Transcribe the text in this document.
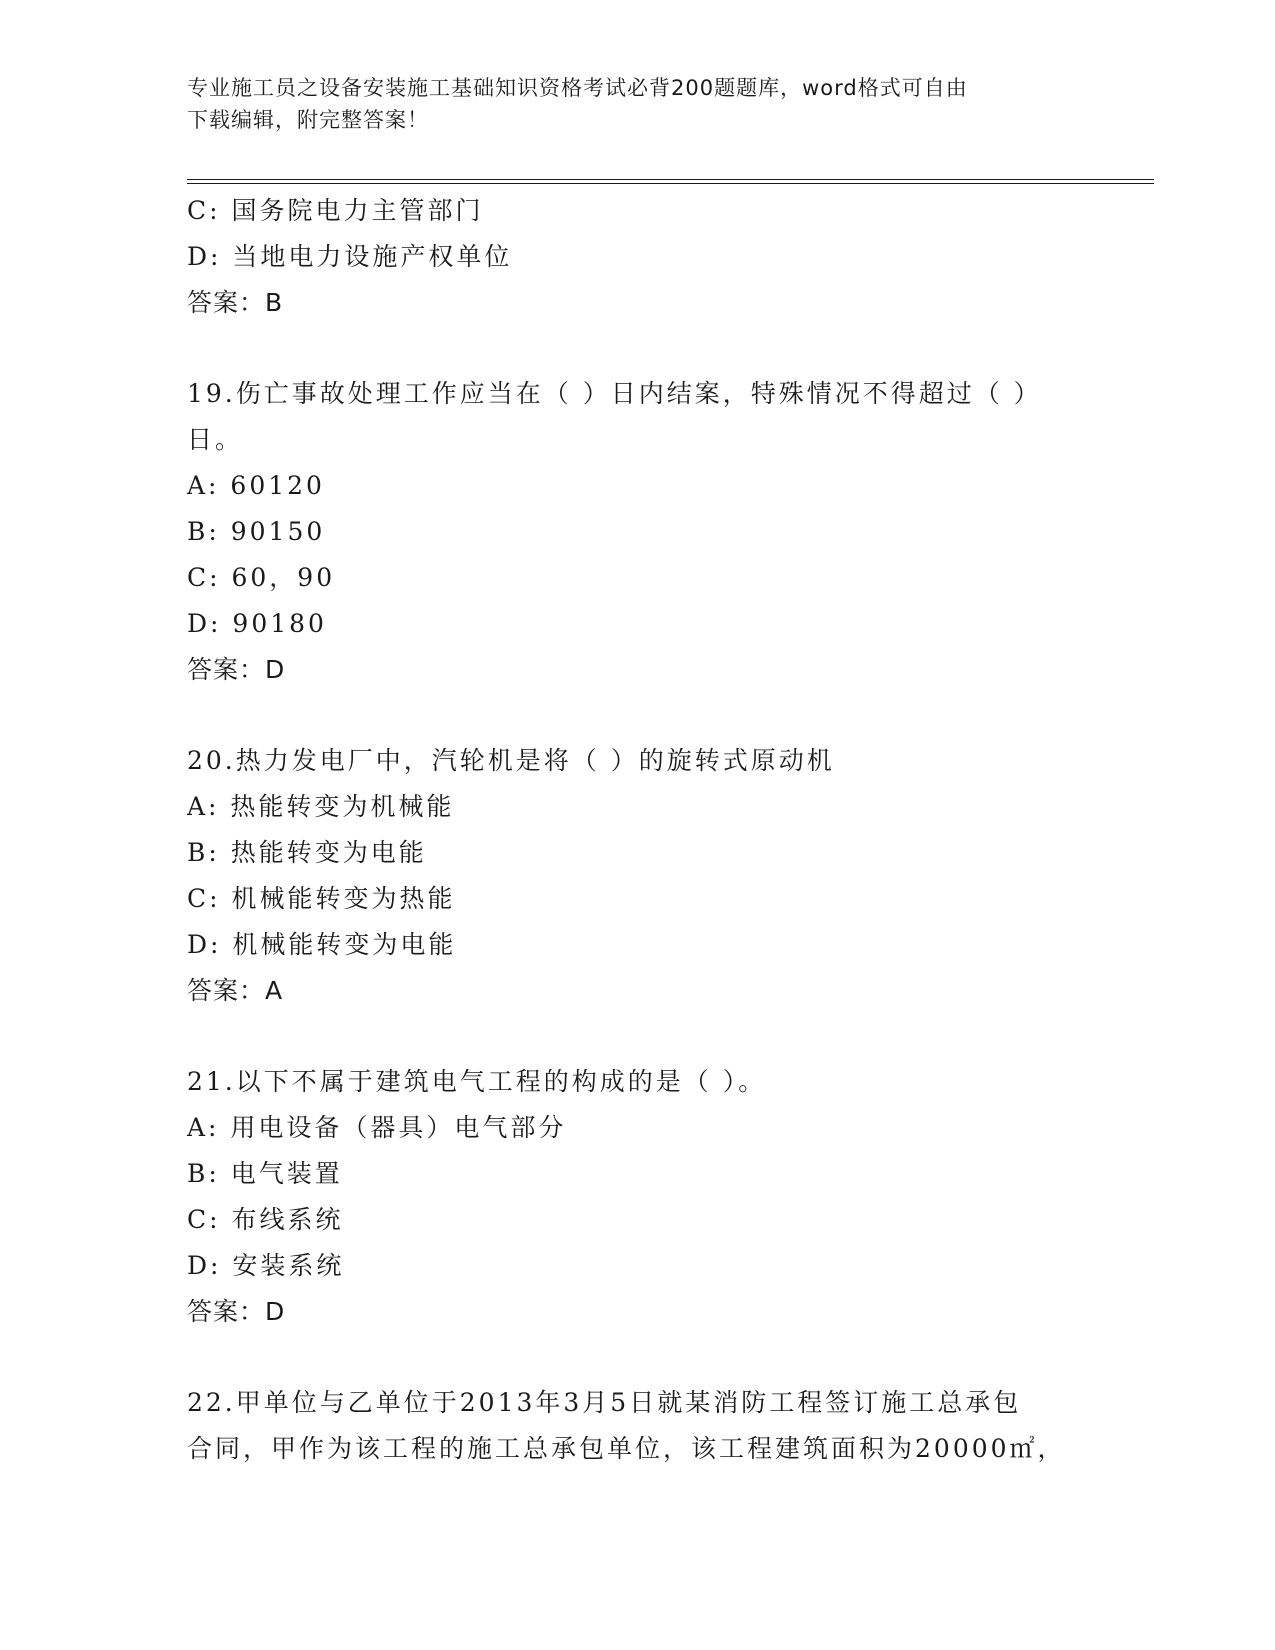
专业施工员之设备安装施工基础知识资格考试必背200题题库，word格式可自由
下载编辑，附完整答案！
C: 国务院电力主管部门
D: 当地电力设施产权单位
答案：B
19.伤亡事故处理工作应当在（ ）日内结案，特殊情况不得超过（ ）
日。
A: 60120
B: 90150
C: 60，90
D: 90180
答案：D
20.热力发电厂中，汽轮机是将（ ）的旋转式原动机
A: 热能转变为机械能
B: 热能转变为电能
C: 机械能转变为热能
D: 机械能转变为电能
答案：A
21.以下不属于建筑电气工程的构成的是（ ）。
A: 用电设备（器具）电气部分
B: 电气装置
C: 布线系统
D: 安装系统
答案：D
22.甲单位与乙单位于2013年3月5日就某消防工程签订施工总承包
合同，甲作为该工程的施工总承包单位，该工程建筑面积为20000㎡，
